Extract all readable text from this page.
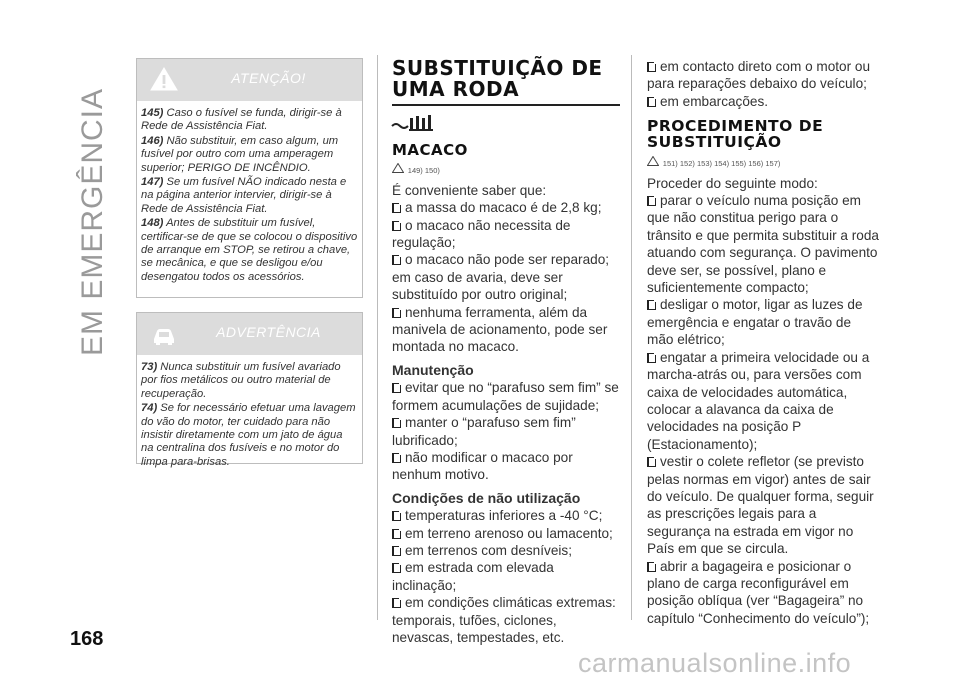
EM EMERGÊNCIA
ATENÇÃO!

145) Caso o fusível se funda, dirigir-se à Rede de Assistência Fiat.

146) Não substituir, em caso algum, um fusível por outro com uma amperagem superior; PERIGO DE INCÊNDIO.

147) Se um fusível NÃO indicado nesta e na página anterior intervier, dirigir-se à Rede de Assistência Fiat.

148) Antes de substituir um fusível, certificar-se de que se colocou o dispositivo de arranque em STOP, se retirou a chave, se mecânica, e que se desligou e/ou desengatou todos os acessórios.

ADVERTÊNCIA

73) Nunca substituir um fusível avariado por fios metálicos ou outro material de recuperação.

74) Se for necessário efetuar uma lavagem do vão do motor, ter cuidado para não insistir diretamente com um jato de água na centralina dos fusíveis e no motor do limpa para-brisas.

SUBSTITUIÇÃO DE UMA RODA
MACACO
149) 150)

É conveniente saber que:

a massa do macaco é de 2,8 kg;

o macaco não necessita de regulação;

o macaco não pode ser reparado; em caso de avaria, deve ser substituído por outro original;

nenhuma ferramenta, além da manivela de acionamento, pode ser montada no macaco.

Manutenção

evitar que no “parafuso sem fim” se formem acumulações de sujidade;

manter o “parafuso sem fim” lubrificado;

não modificar o macaco por nenhum motivo.

Condições de não utilização

temperaturas inferiores a -40 °C;

em terreno arenoso ou lamacento;

em terrenos com desníveis;

em estrada com elevada inclinação;

em condições climáticas extremas: temporais, tufões, ciclones, nevascas, tempestades, etc.

em contacto direto com o motor ou para reparações debaixo do veículo;

em embarcações.

PROCEDIMENTO DE SUBSTITUIÇÃO
151) 152) 153) 154) 155) 156) 157)

Proceder do seguinte modo:

parar o veículo numa posição em que não constitua perigo para o trânsito e que permita substituir a roda atuando com segurança. O pavimento deve ser, se possível, plano e suficientemente compacto;

desligar o motor, ligar as luzes de emergência e engatar o travão de mão elétrico;

engatar a primeira velocidade ou a marcha-atrás ou, para versões com caixa de velocidades automática, colocar a alavanca da caixa de velocidades na posição P (Estacionamento);

vestir o colete refletor (se previsto pelas normas em vigor) antes de sair do veículo. De qualquer forma, seguir as prescrições legais para a segurança na estrada em vigor no País em que se circula.

abrir a bagageira e posicionar o plano de carga reconfigurável em posição oblíqua (ver “Bagageira” no capítulo “Conhecimento do veículo”);

168
carmanualsonline.info
